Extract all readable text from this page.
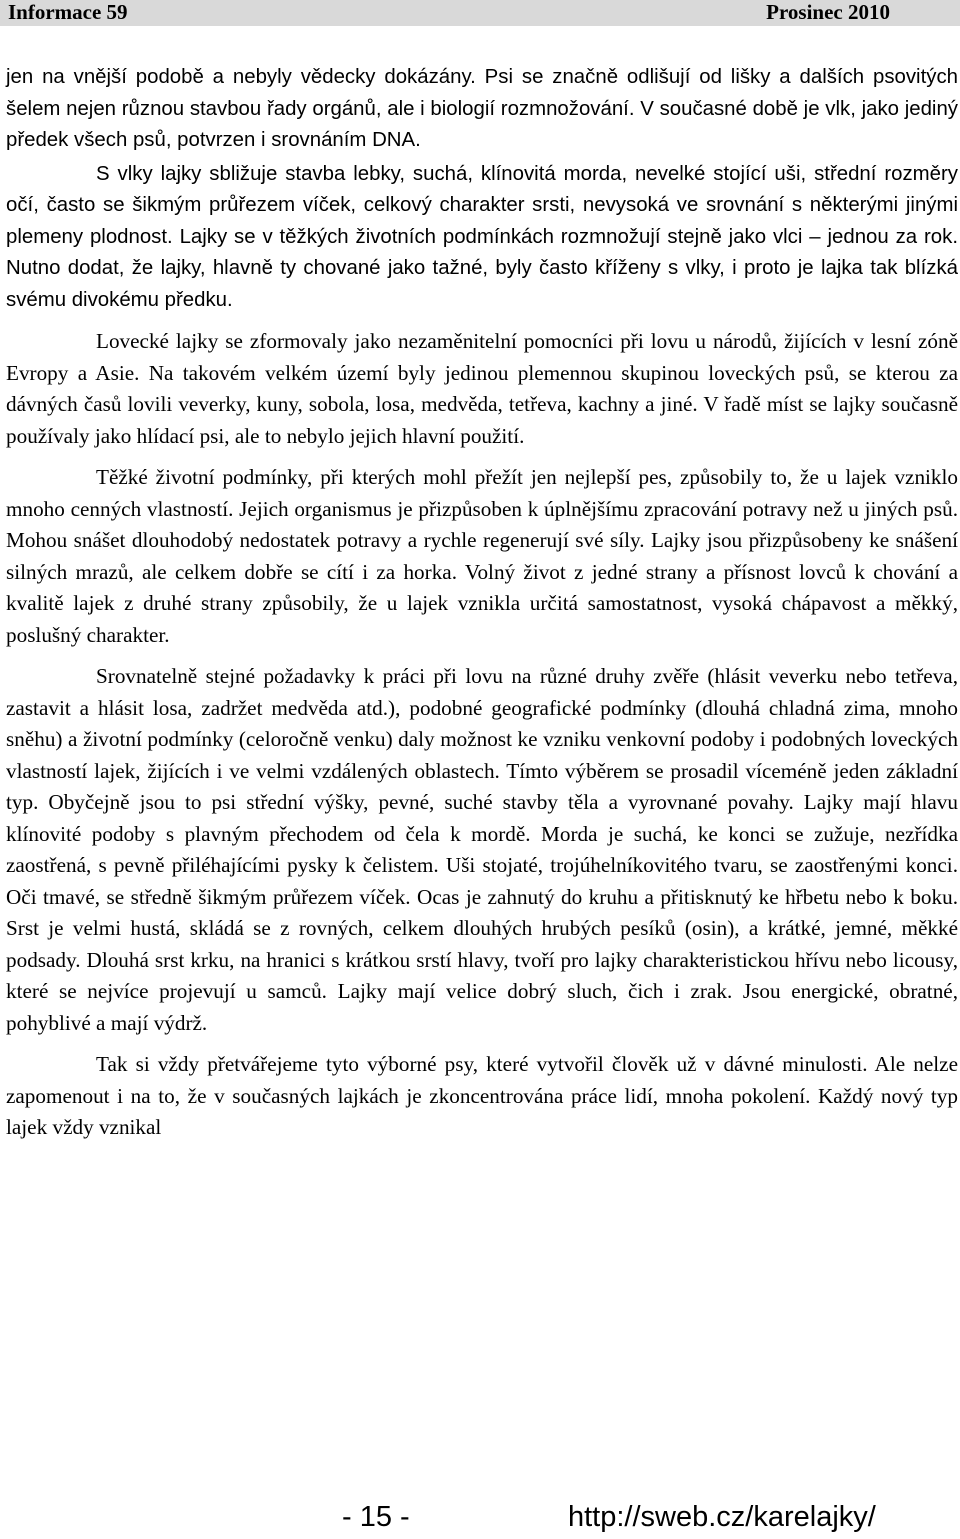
Informace 59	Prosinec 2010

jen na vnější podobě a nebyly vědecky dokázány. Psi se značně odlišují od lišky a dalších psovitých šelem nejen různou stavbou řady orgánů, ale i biologií rozmnožování. V současné době je vlk, jako jediný předek všech psů, potvrzen i srovnáním DNA.

S vlky lajky sbližuje stavba lebky, suchá, klínovitá morda, nevelké stojící uši, střední rozměry očí, často se šikmým průřezem víček, celkový charakter srsti, nevysoká ve srovnání s některými jinými plemeny plodnost. Lajky se v těžkých životních podmínkách rozmnožují stejně jako vlci – jednou za rok. Nutno dodat, že lajky, hlavně ty chované jako tažné, byly často kříženy s vlky, i proto je lajka tak blízká svému divokému předku.

Lovecké lajky se zformovaly jako nezaměnitelní pomocníci při lovu u národů, žijících v lesní zóně Evropy a Asie. Na takovém velkém území byly jedinou plemennou skupinou loveckých psů, se kterou za dávných časů lovili veverky, kuny, sobola, losa, medvěda, tetřeva, kachny a jiné. V řadě míst se lajky současně používaly jako hlídací psi, ale to nebylo jejich hlavní použití.

Těžké životní podmínky, při kterých mohl přežít jen nejlepší pes, způsobily to, že u lajek vzniklo mnoho cenných vlastností. Jejich organismus je přizpůsoben k úplnějšímu zpracování potravy než u jiných psů. Mohou snášet dlouhodobý nedostatek potravy a rychle regenerují své síly. Lajky jsou přizpůsobeny ke snášení silných mrazů, ale celkem dobře se cítí i za horka. Volný život z jedné strany a přísnost lovců k chování a kvalitě lajek z druhé strany způsobily, že u lajek vznikla určitá samostatnost, vysoká chápavost a měkký, poslušný charakter.

Srovnatelně stejné požadavky k práci při lovu na různé druhy zvěře (hlásit veverku nebo tetřeva, zastavit a hlásit losa, zadržet medvěda atd.), podobné geografické podmínky (dlouhá chladná zima, mnoho sněhu) a životní podmínky (celoročně venku) daly možnost ke vzniku venkovní podoby i podobných loveckých vlastností lajek, žijících i ve velmi vzdálených oblastech. Tímto výběrem se prosadil víceméně jeden základní typ. Obyčejně jsou to psi střední výšky, pevné, suché stavby těla a vyrovnané povahy. Lajky mají hlavu klínovité podoby s plavným přechodem od čela k mordě. Morda je suchá, ke konci se zužuje, nezřídka zaostřená, s pevně přiléhajícími pysky k čelistem. Uši stojaté, trojúhelníkovitého tvaru, se zaostřenými konci. Oči tmavé, se středně šikmým průřezem víček. Ocas je zahnutý do kruhu a přitisknutý ke hřbetu nebo k boku. Srst je velmi hustá, skládá se z rovných, celkem dlouhých hrubých pesíků (osin), a krátké, jemné, měkké podsady. Dlouhá srst krku, na hranici s krátkou srstí hlavy, tvoří pro lajky charakteristickou hřívu nebo licousy, které se nejvíce projevují u samců. Lajky mají velice dobrý sluch, čich i zrak. Jsou energické, obratné, pohyblivé a mají výdrž.

Tak si vždy přetvářejeme tyto výborné psy, které vytvořil člověk už v dávné minulosti. Ale nelze zapomenout i na to, že v současných lajkách je zkoncentrována práce lidí, mnoha pokolení. Každý nový typ lajek vždy vznikal

- 15 -	http://sweb.cz/karelajky/
